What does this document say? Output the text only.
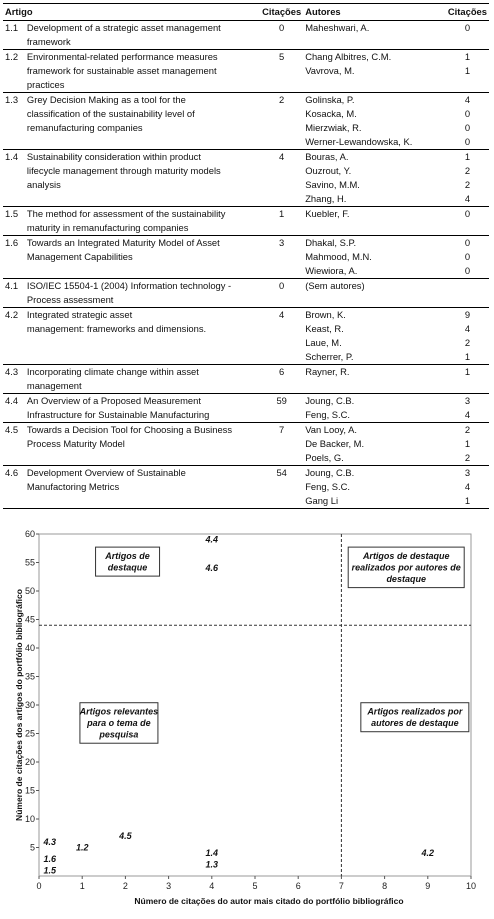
Artigo		Citações	Autores	Citações
1.1	Development of a strategic asset management	0	Maheshwari, A.	0
	framework			
1.2	Environmental-related performance measures	5	Chang Albitres, C.M.	1
	framework for sustainable asset management		Vavrova, M.	1
	practices			
1.3	Grey Decision Making as a tool for the	2	Golinska, P.	4
	classification of the sustainability level of		Kosacka, M.	0
	remanufacturing companies		Mierzwiak, R.	0
			Werner-Lewandowska, K.	0
1.4	Sustainability consideration within product	4	Bouras, A.	1
	lifecycle management through maturity models		Ouzrout, Y.	2
	analysis		Savino, M.M.	2
			Zhang, H.	4
1.5	The method for assessment of the sustainability	1	Kuebler, F.	0
	maturity in remanufacturing companies			
1.6	Towards an Integrated Maturity Model of Asset	3	Dhakal, S.P.	0
	Management Capabilities		Mahmood, M.N.	0
			Wiewiora, A.	0
4.1	ISO/IEC 15504-1 (2004) Information technology -	0	(Sem autores)	
	Process assessment			
4.2	Integrated strategic asset	4	Brown, K.	9
	management: frameworks and dimensions.		Keast, R.	4
			Laue, M.	2
			Scherrer, P.	1
4.3	Incorporating climate change within asset	6	Rayner, R.	1
	management			
4.4	An Overview of a Proposed Measurement	59	Joung, C.B.	3
	Infrastructure for Sustainable Manufacturing		Feng, S.C.	4
4.5	Towards a Decision Tool for Choosing a Business	7	Van Looy, A.	2
	Process Maturity Model		De Backer, M.	1
			Poels, G.	2
4.6	Development Overview of Sustainable	54	Joung, C.B.	3
	Manufactoring Metrics		Feng, S.C.	4
			Gang Li	1
0	1	2	3	4	5	6	7	8	9	10
5
10
15
20
25
30
35
40
45
50
55
60
Artigos de
destaque
Artigos de destaque
realizados por autores de
destaque
Artigos relevantes
para o tema de
pesquisa
Artigos realizados por
autores de destaque
4.4
4.6
4.3
4.5
1.2
1.4
1.3
1.6
1.5
4.2
Número de citações do autor mais citado do portfólio bibliográfico
Número de citações dos artigos do portfólio bibliográfico
